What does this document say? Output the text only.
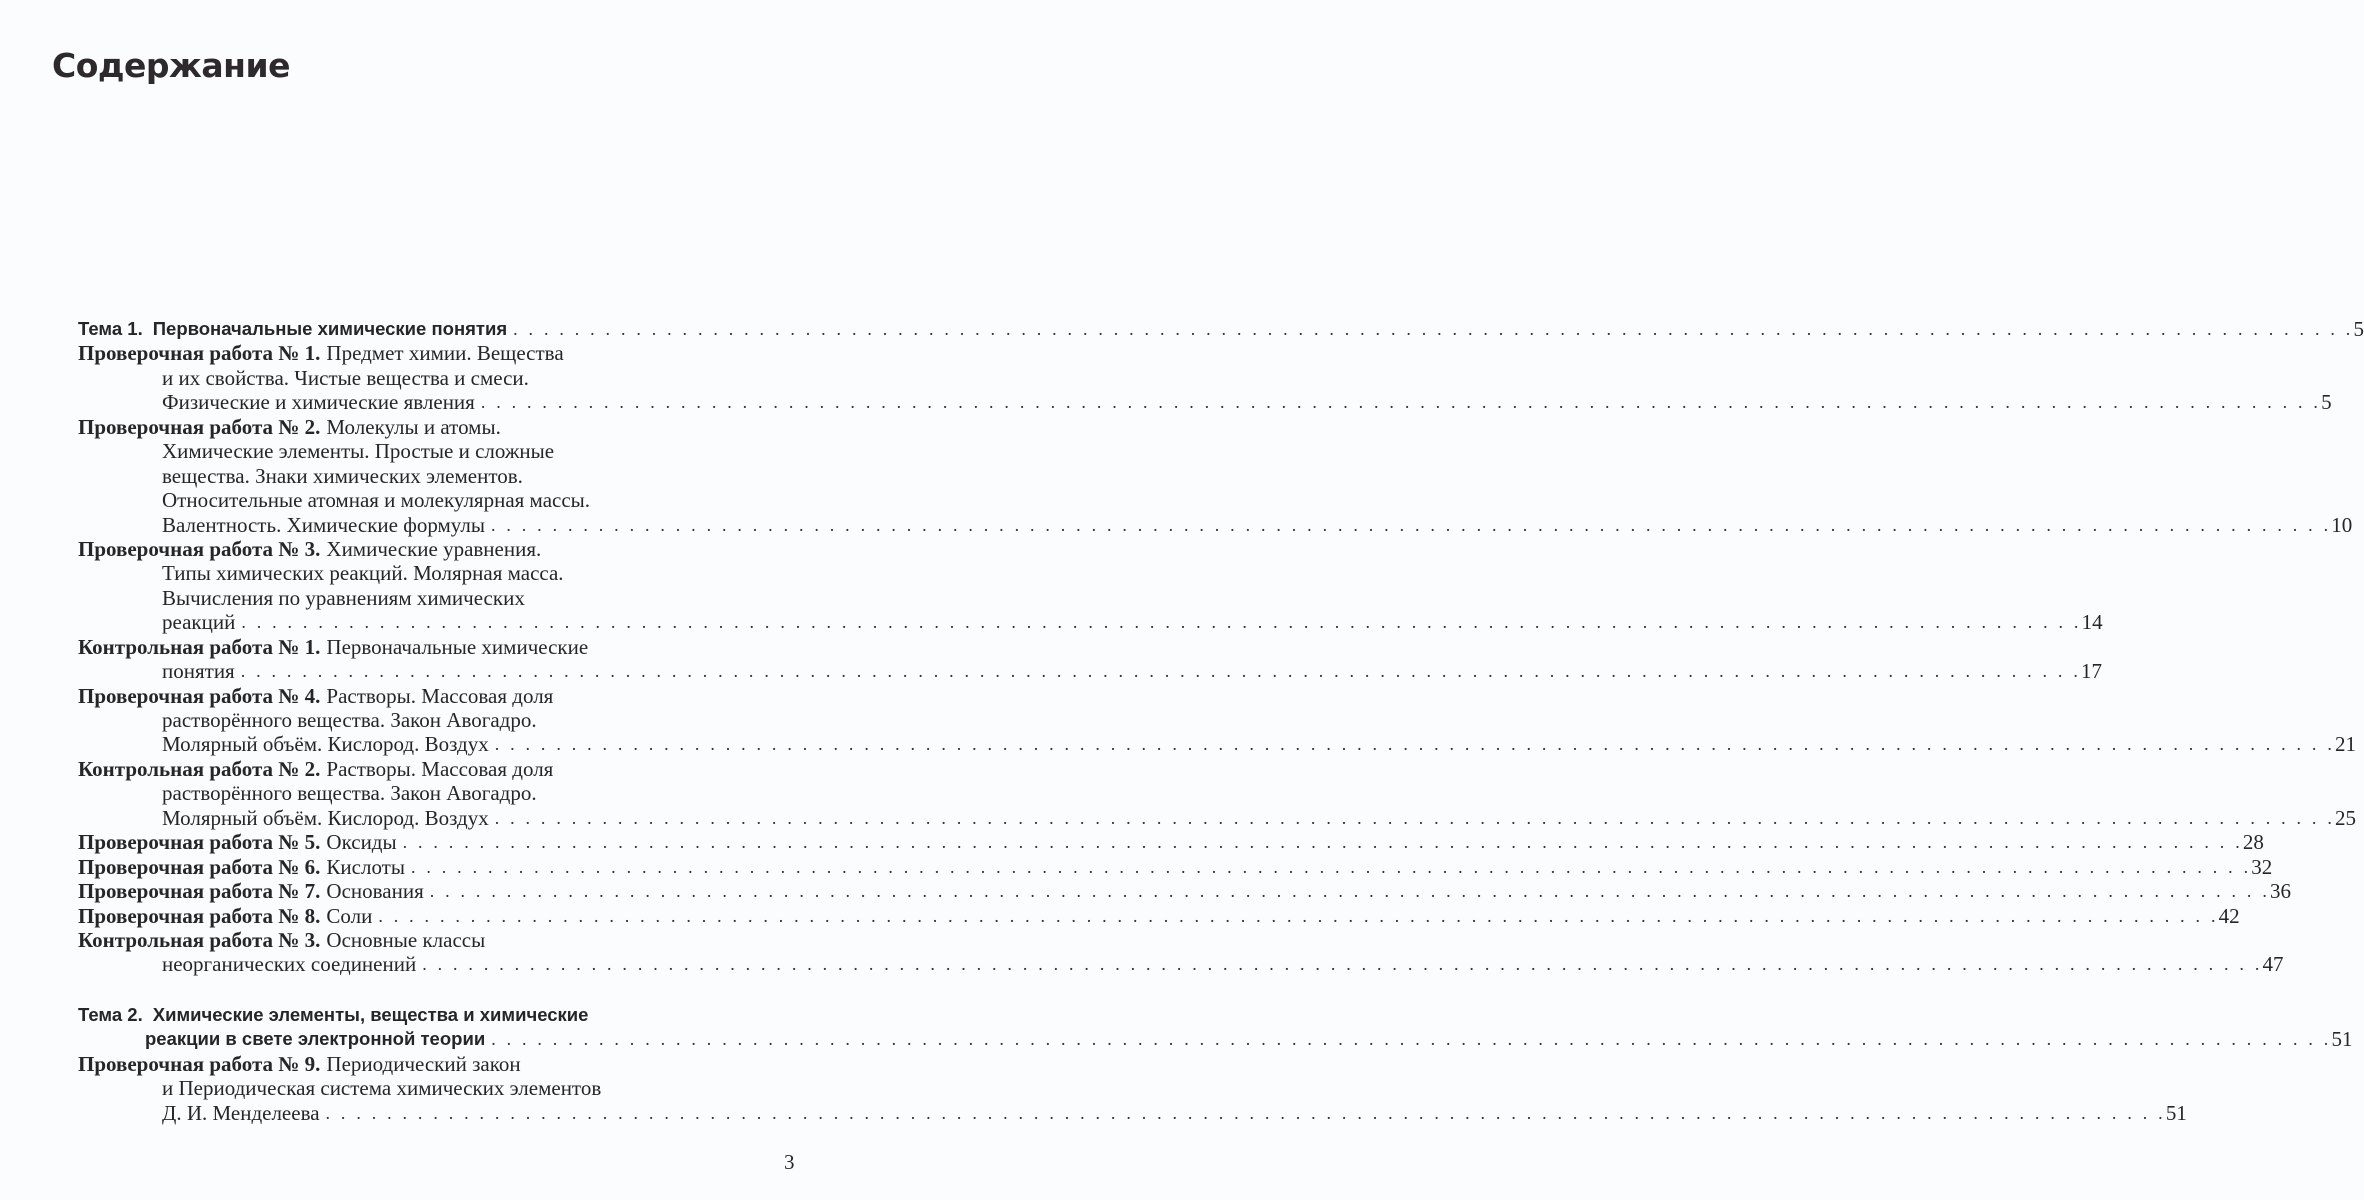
Содержание
Тема 1. Первоначальные химические понятия . . . . . . . . . . . . . . . . . . . . . . . . . . . . . . . . . . . . . . . . . . . . . . . . . . . . . . . . . . . . . . . . . . . . . . . . . . . . . . . . . . . . . . . . . . . . . . . . . . . . . . . . . . . . . . . . . . . . . . . . 5
Проверочная работа № 1. Предмет химии. Вещества
и их свойства. Чистые вещества и смеси.
Физические и химические явления . . . . . . . . . . . . . . . . . . . . . . . . . . . . . . . . . . . . . . . . . . . . . . . . . . . . . . . . . . . . . . . . . . . . . . . . . . . . . . . . . . . . . . . . . . . . . . . . . . . . . . . . . . . . . . . . . . . . . . . . 5
Проверочная работа № 2. Молекулы и атомы.
Химические элементы. Простые и сложные
вещества. Знаки химических элементов.
Относительные атомная и молекулярная массы.
Валентность. Химические формулы . . . . . . . . . . . . . . . . . . . . . . . . . . . . . . . . . . . . . . . . . . . . . . . . . . . . . . . . . . . . . . . . . . . . . . . . . . . . . . . . . . . . . . . . . . . . . . . . . . . . . . . . . . . . . . . . . . . . . . . . 10
Проверочная работа № 3. Химические уравнения.
Типы химических реакций. Молярная масса.
Вычисления по уравнениям химических
реакций . . . . . . . . . . . . . . . . . . . . . . . . . . . . . . . . . . . . . . . . . . . . . . . . . . . . . . . . . . . . . . . . . . . . . . . . . . . . . . . . . . . . . . . . . . . . . . . . . . . . . . . . . . . . . . . . . . . . . . . . 14
Контрольная работа № 1. Первоначальные химические
понятия . . . . . . . . . . . . . . . . . . . . . . . . . . . . . . . . . . . . . . . . . . . . . . . . . . . . . . . . . . . . . . . . . . . . . . . . . . . . . . . . . . . . . . . . . . . . . . . . . . . . . . . . . . . . . . . . . . . . . . . . 17
Проверочная работа № 4. Растворы. Массовая доля
растворённого вещества. Закон Авогадро.
Молярный объём. Кислород. Воздух . . . . . . . . . . . . . . . . . . . . . . . . . . . . . . . . . . . . . . . . . . . . . . . . . . . . . . . . . . . . . . . . . . . . . . . . . . . . . . . . . . . . . . . . . . . . . . . . . . . . . . . . . . . . . . . . . . . . . . . . 21
Контрольная работа № 2. Растворы. Массовая доля
растворённого вещества. Закон Авогадро.
Молярный объём. Кислород. Воздух . . . . . . . . . . . . . . . . . . . . . . . . . . . . . . . . . . . . . . . . . . . . . . . . . . . . . . . . . . . . . . . . . . . . . . . . . . . . . . . . . . . . . . . . . . . . . . . . . . . . . . . . . . . . . . . . . . . . . . . . 25
Проверочная работа № 5. Оксиды . . . . . . . . . . . . . . . . . . . . . . . . . . . . . . . . . . . . . . . . . . . . . . . . . . . . . . . . . . . . . . . . . . . . . . . . . . . . . . . . . . . . . . . . . . . . . . . . . . . . . . . . . . . . . . . . . . . . . . . . 28
Проверочная работа № 6. Кислоты . . . . . . . . . . . . . . . . . . . . . . . . . . . . . . . . . . . . . . . . . . . . . . . . . . . . . . . . . . . . . . . . . . . . . . . . . . . . . . . . . . . . . . . . . . . . . . . . . . . . . . . . . . . . . . . . . . . . . . . . 32
Проверочная работа № 7. Основания . . . . . . . . . . . . . . . . . . . . . . . . . . . . . . . . . . . . . . . . . . . . . . . . . . . . . . . . . . . . . . . . . . . . . . . . . . . . . . . . . . . . . . . . . . . . . . . . . . . . . . . . . . . . . . . . . . . . . . . . 36
Проверочная работа № 8. Соли . . . . . . . . . . . . . . . . . . . . . . . . . . . . . . . . . . . . . . . . . . . . . . . . . . . . . . . . . . . . . . . . . . . . . . . . . . . . . . . . . . . . . . . . . . . . . . . . . . . . . . . . . . . . . . . . . . . . . . . . 42
Контрольная работа № 3. Основные классы
неорганических соединений . . . . . . . . . . . . . . . . . . . . . . . . . . . . . . . . . . . . . . . . . . . . . . . . . . . . . . . . . . . . . . . . . . . . . . . . . . . . . . . . . . . . . . . . . . . . . . . . . . . . . . . . . . . . . . . . . . . . . . . . 47
Тема 2. Химические элементы, вещества и химические
реакции в свете электронной теории . . . . . . . . . . . . . . . . . . . . . . . . . . . . . . . . . . . . . . . . . . . . . . . . . . . . . . . . . . . . . . . . . . . . . . . . . . . . . . . . . . . . . . . . . . . . . . . . . . . . . . . . . . . . . . . . . . . . . . . . 51
Проверочная работа № 9. Периодический закон
и Периодическая система химических элементов
Д. И. Менделеева . . . . . . . . . . . . . . . . . . . . . . . . . . . . . . . . . . . . . . . . . . . . . . . . . . . . . . . . . . . . . . . . . . . . . . . . . . . . . . . . . . . . . . . . . . . . . . . . . . . . . . . . . . . . . . . . . . . . . . . . 51
3
